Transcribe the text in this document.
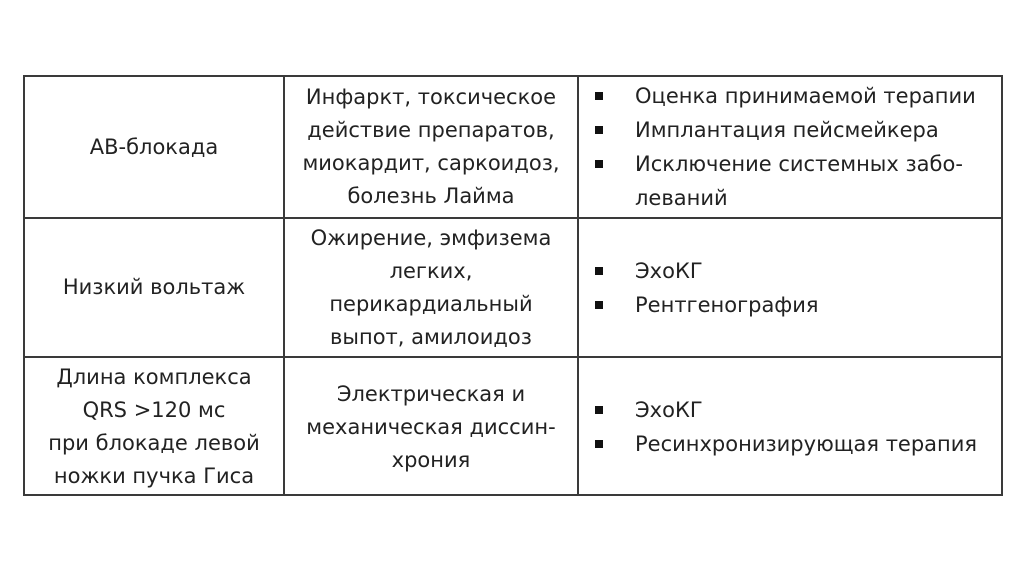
АВ-блокада
Инфаркт, токсическое
действие препаратов,
миокардит, саркоидоз,
болезнь Лайма
Оценка принимаемой терапии
Имплантация пейсмейкера
Исключение системных забо-
леваний
Низкий вольтаж
Ожирение, эмфизема
легких,
перикардиальный
выпот, амилоидоз
ЭхоКГ
Рентгенография
Длина комплекса
QRS >120 мс
при блокаде левой
ножки пучка Гиса
Электрическая и
механическая диссин-
хрония
ЭхоКГ
Ресинхронизирующая терапия
